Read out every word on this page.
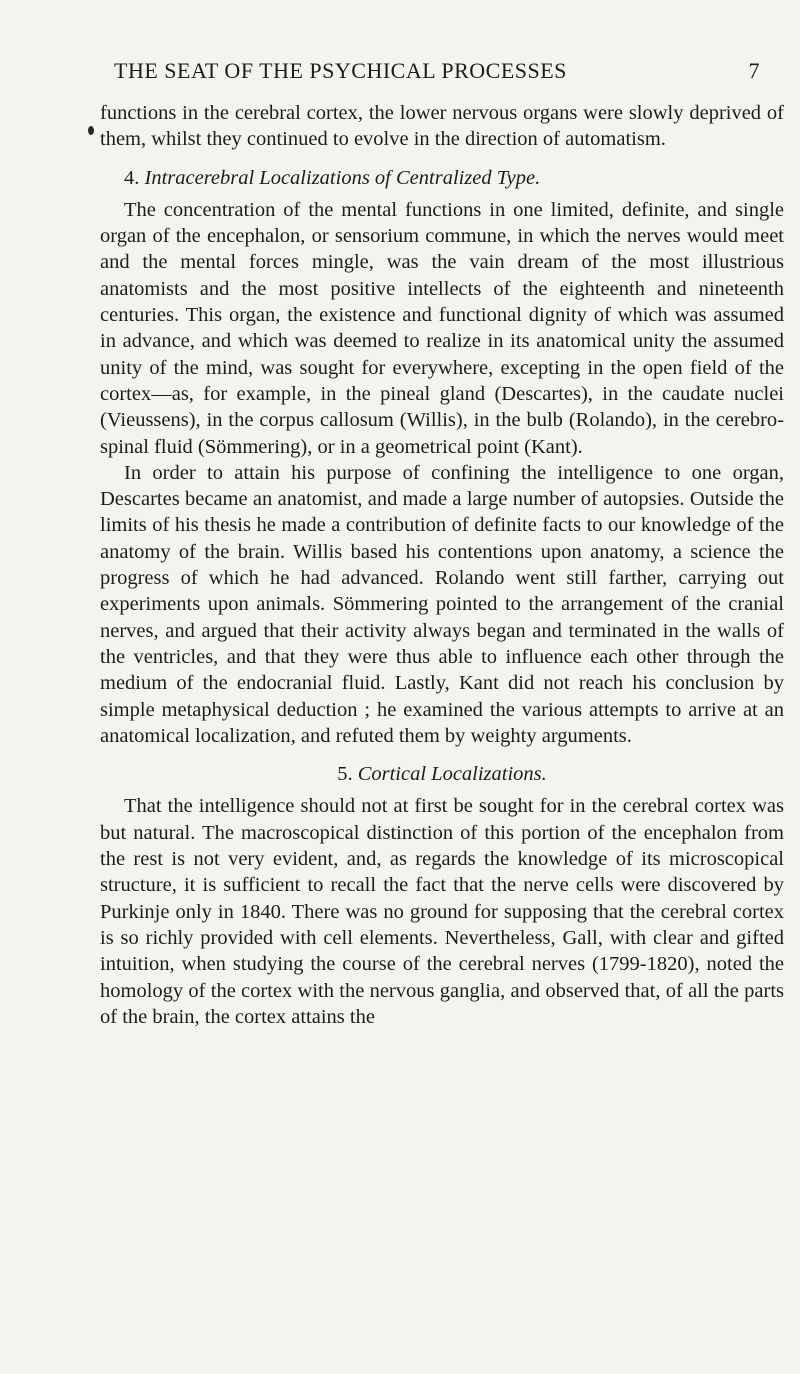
THE SEAT OF THE PSYCHICAL PROCESSES	7

functions in the cerebral cortex, the lower nervous organs were slowly deprived of them, whilst they continued to evolve in the direction of automatism.

4. Intracerebral Localizations of Centralized Type.

The concentration of the mental functions in one limited, definite, and single organ of the encephalon, or sensorium commune, in which the nerves would meet and the mental forces mingle, was the vain dream of the most illustrious anatomists and the most positive intellects of the eighteenth and nineteenth centuries. This organ, the existence and functional dignity of which was assumed in advance, and which was deemed to realize in its anatomical unity the assumed unity of the mind, was sought for everywhere, excepting in the open field of the cortex—as, for example, in the pineal gland (Descartes), in the caudate nuclei (Vieussens), in the corpus callosum (Willis), in the bulb (Rolando), in the cerebro-spinal fluid (Sömmering), or in a geometrical point (Kant).

In order to attain his purpose of confining the intelligence to one organ, Descartes became an anatomist, and made a large number of autopsies. Outside the limits of his thesis he made a contribution of definite facts to our knowledge of the anatomy of the brain. Willis based his contentions upon anatomy, a science the progress of which he had advanced. Rolando went still farther, carrying out experiments upon animals. Sömmering pointed to the arrangement of the cranial nerves, and argued that their activity always began and terminated in the walls of the ventricles, and that they were thus able to influence each other through the medium of the endocranial fluid. Lastly, Kant did not reach his conclusion by simple metaphysical deduction ; he examined the various attempts to arrive at an anatomical localization, and refuted them by weighty arguments.

5. Cortical Localizations.

That the intelligence should not at first be sought for in the cerebral cortex was but natural. The macroscopical distinction of this portion of the encephalon from the rest is not very evident, and, as regards the knowledge of its microscopical structure, it is sufficient to recall the fact that the nerve cells were discovered by Purkinje only in 1840. There was no ground for supposing that the cerebral cortex is so richly provided with cell elements. Nevertheless, Gall, with clear and gifted intuition, when studying the course of the cerebral nerves (1799-1820), noted the homology of the cortex with the nervous ganglia, and observed that, of all the parts of the brain, the cortex attains the
